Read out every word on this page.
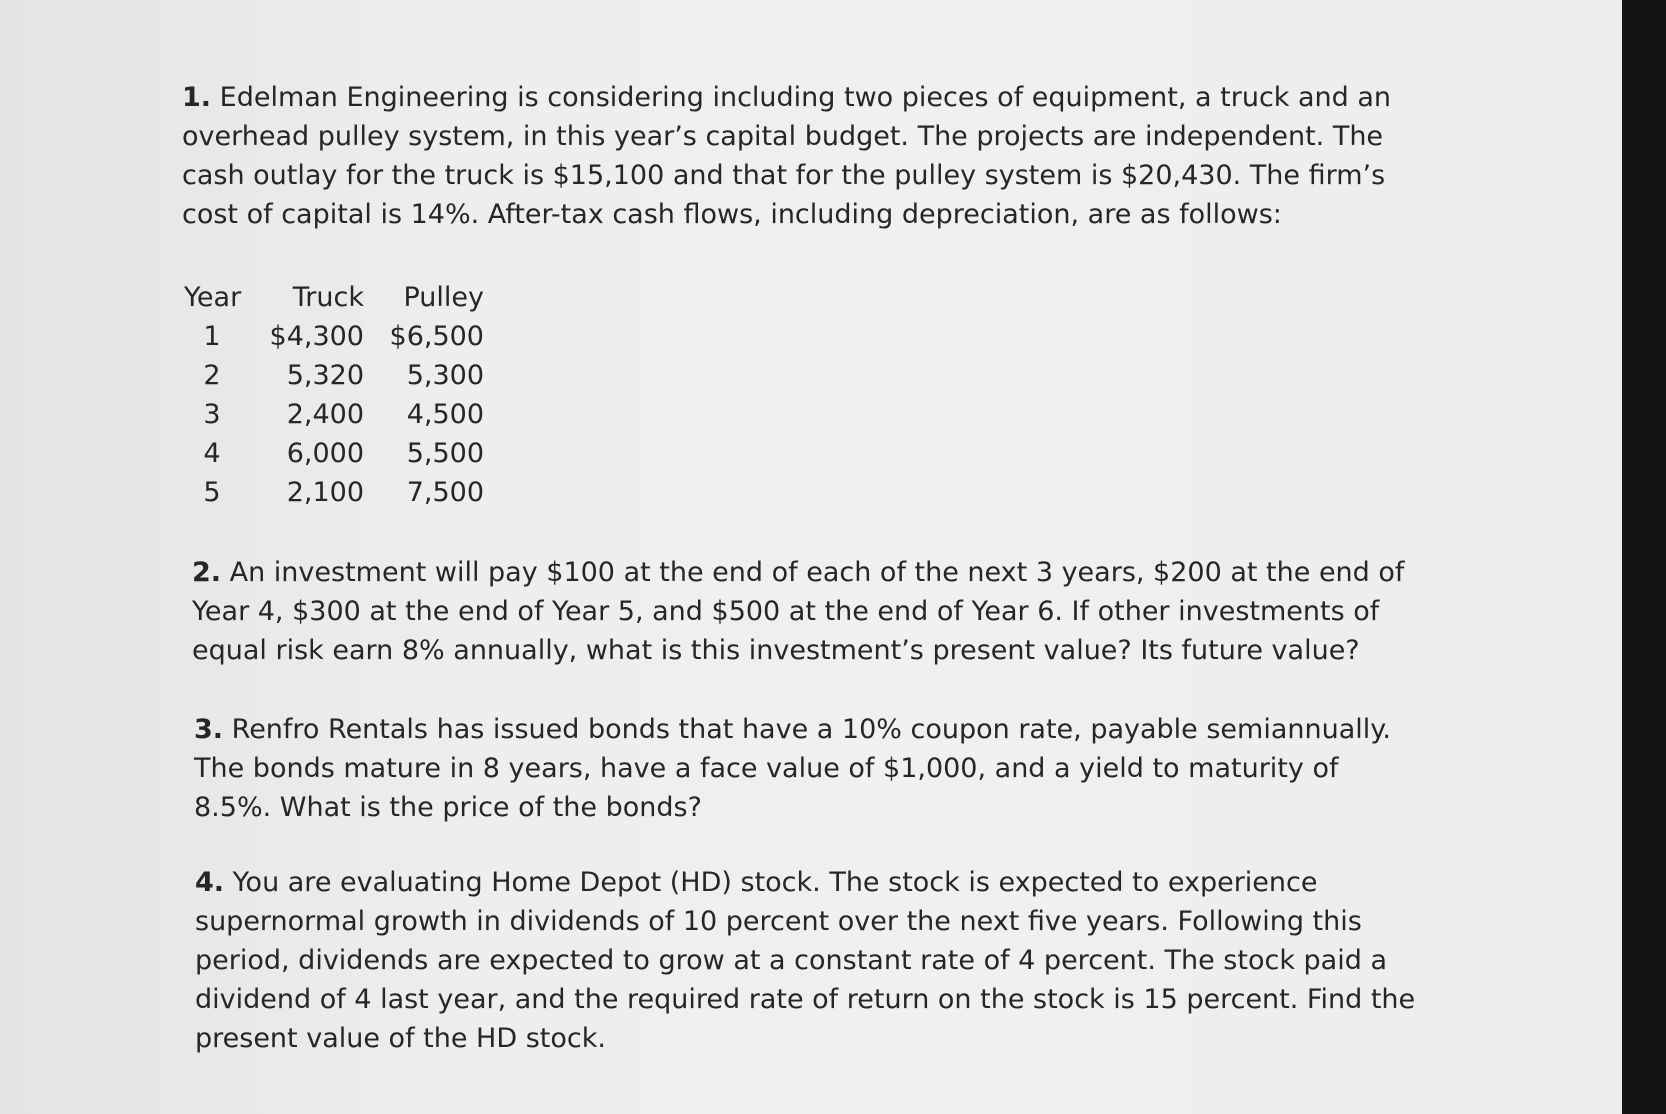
1. Edelman Engineering is considering including two pieces of equipment, a truck and an overhead pulley system, in this year’s capital budget. The projects are independent. The cash outlay for the truck is $15,100 and that for the pulley system is $20,430. The firm’s cost of capital is 14%. After-tax cash flows, including depreciation, are as follows:

Year	Truck	Pulley
1	$4,300	$6,500
2	5,320	5,300
3	2,400	4,500
4	6,000	5,500
5	2,100	7,500

2. An investment will pay $100 at the end of each of the next 3 years, $200 at the end of Year 4, $300 at the end of Year 5, and $500 at the end of Year 6. If other investments of equal risk earn 8% annually, what is this investment’s present value? Its future value?

3. Renfro Rentals has issued bonds that have a 10% coupon rate, payable semiannually. The bonds mature in 8 years, have a face value of $1,000, and a yield to maturity of 8.5%. What is the price of the bonds?

4. You are evaluating Home Depot (HD) stock. The stock is expected to experience supernormal growth in dividends of 10 percent over the next five years. Following this period, dividends are expected to grow at a constant rate of 4 percent. The stock paid a dividend of 4 last year, and the required rate of return on the stock is 15 percent. Find the present value of the HD stock.
